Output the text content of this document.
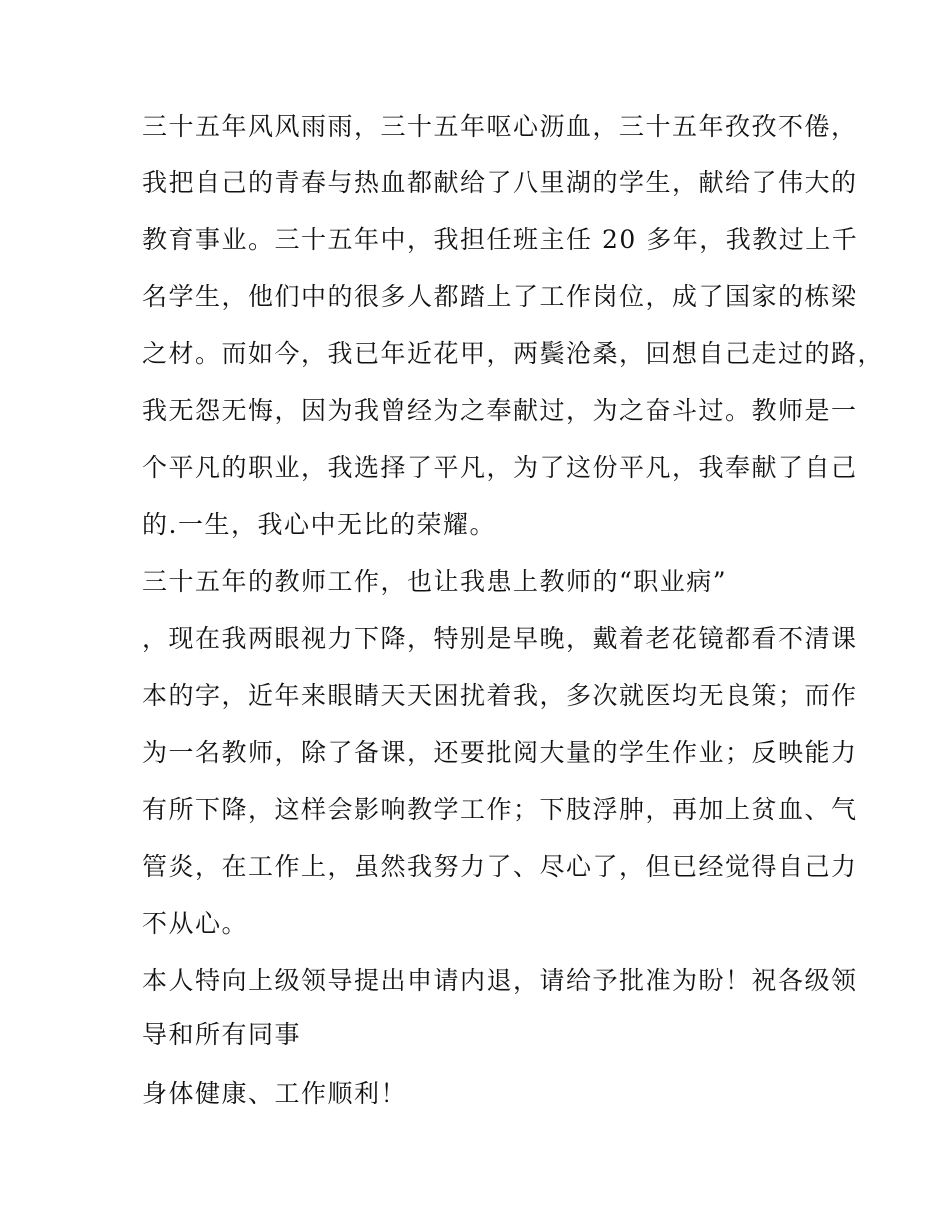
三十五年风风雨雨，三十五年呕心沥血，三十五年孜孜不倦，
我把自己的青春与热血都献给了八里湖的学生，献给了伟大的
教育事业。三十五年中，我担任班主任 20 多年，我教过上千
名学生，他们中的很多人都踏上了工作岗位，成了国家的栋梁
之材。而如今，我已年近花甲，两鬓沧桑，回想自己走过的路，
我无怨无悔，因为我曾经为之奉献过，为之奋斗过。教师是一
个平凡的职业，我选择了平凡，为了这份平凡，我奉献了自己
的.一生，我心中无比的荣耀。
三十五年的教师工作，也让我患上教师的“职业病”
，现在我两眼视力下降，特别是早晚，戴着老花镜都看不清课
本的字，近年来眼睛天天困扰着我，多次就医均无良策；而作
为一名教师，除了备课，还要批阅大量的学生作业；反映能力
有所下降，这样会影响教学工作；下肢浮肿，再加上贫血、气
管炎，在工作上，虽然我努力了、尽心了，但已经觉得自己力
不从心。
本人特向上级领导提出申请内退，请给予批准为盼！祝各级领
导和所有同事
身体健康、工作顺利！
